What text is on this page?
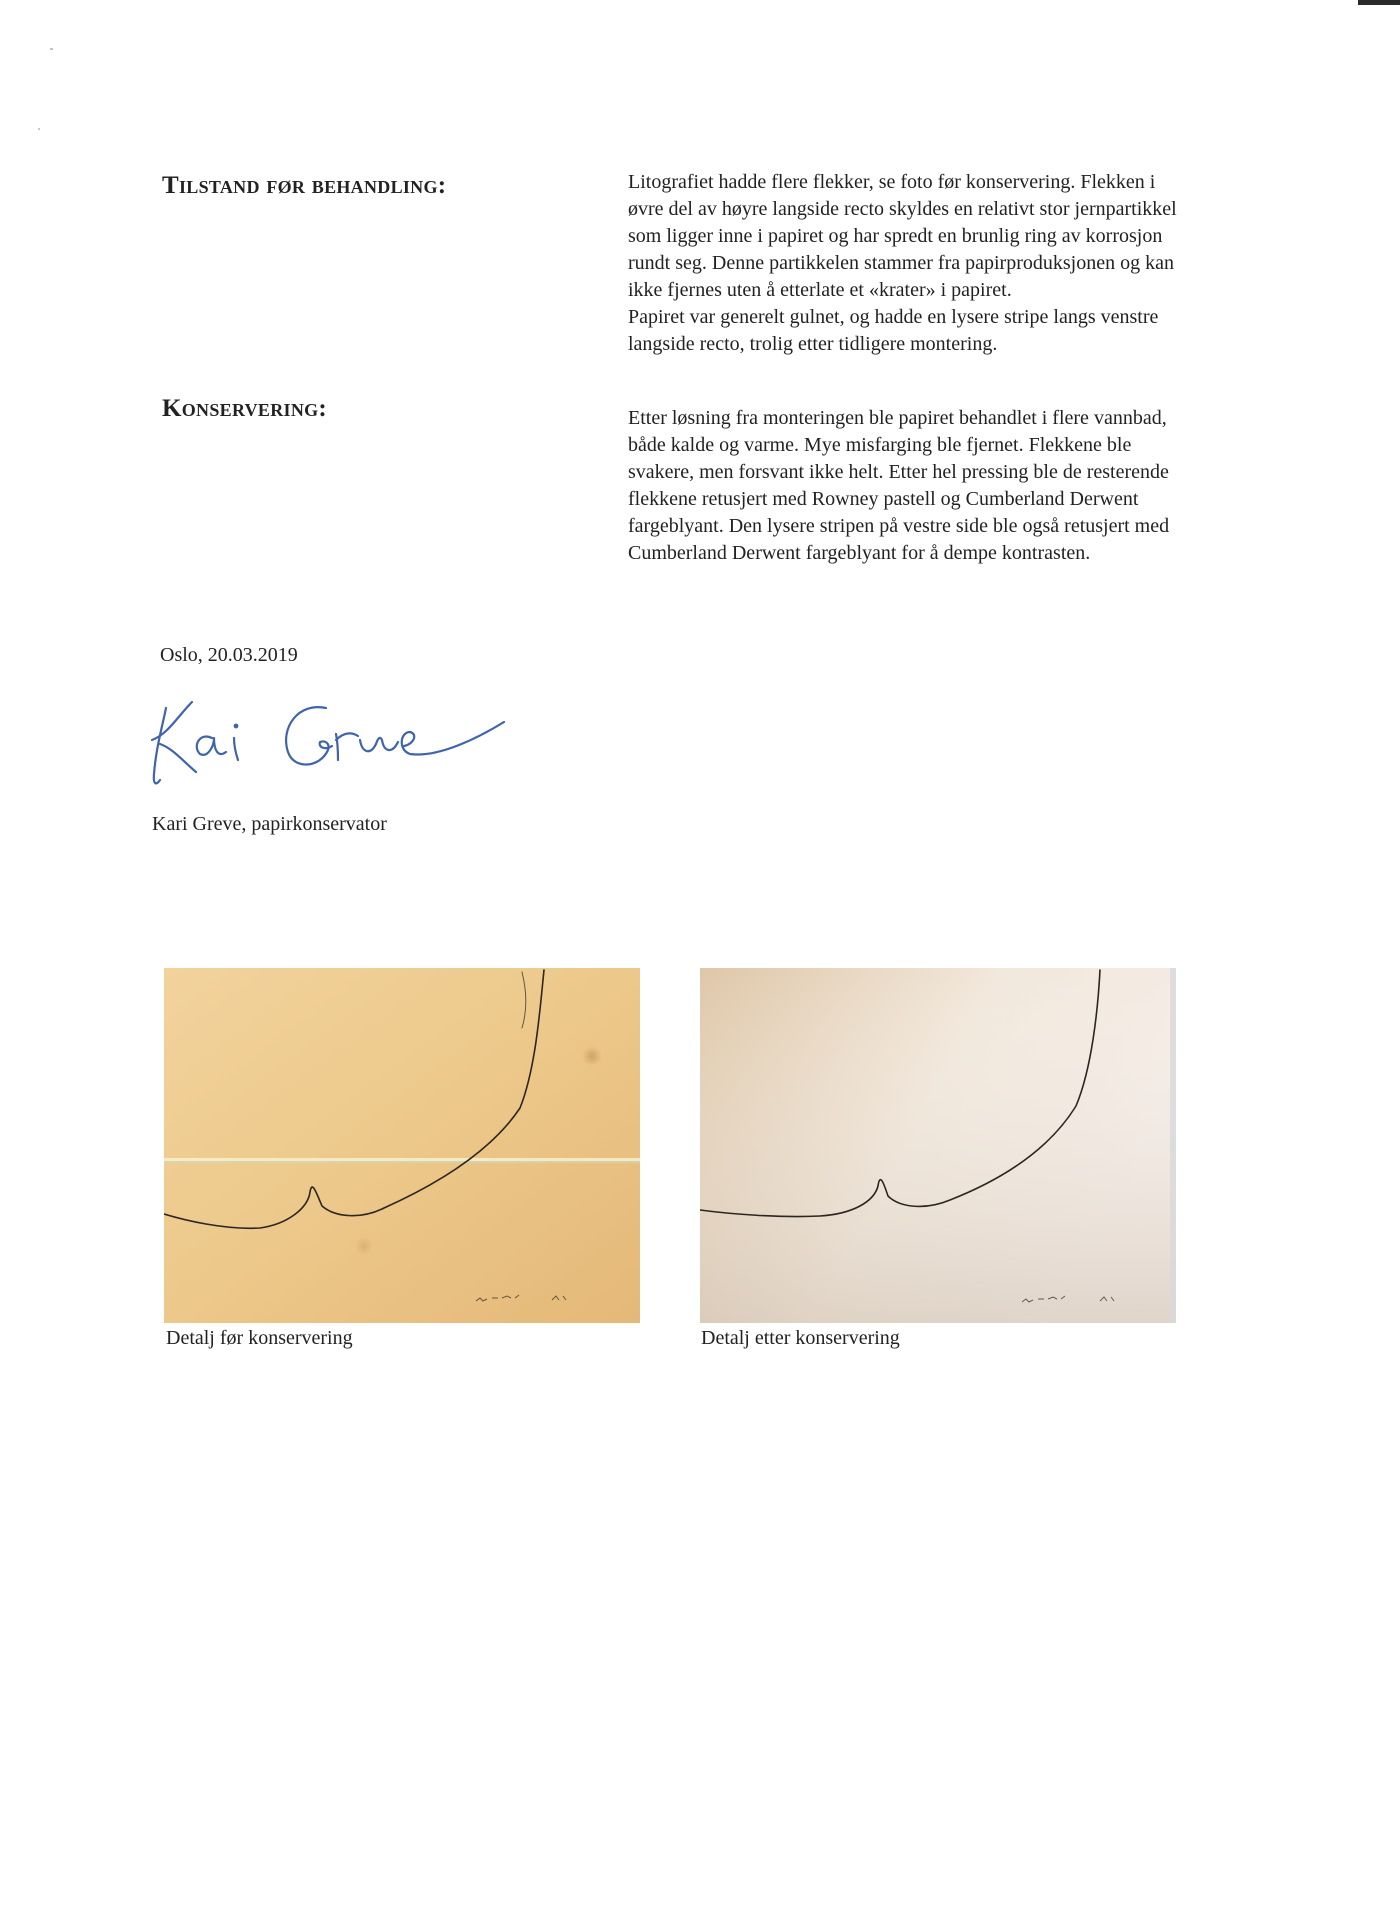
Tilstand før behandling:	Litografiet hadde flere flekker, se foto før konservering. Flekken i øvre del av høyre langside recto skyldes en relativt stor jernpartikkel som ligger inne i papiret og har spredt en brunlig ring av korrosjon rundt seg. Denne partikkelen stammer fra papirproduksjonen og kan ikke fjernes uten å etterlate et «krater» i papiret.

Papiret var generelt gulnet, og hadde en lysere stripe langs venstre langside recto, trolig etter tidligere montering.

Konservering:	Etter løsning fra monteringen ble papiret behandlet i flere vannbad, både kalde og varme. Mye misfarging ble fjernet. Flekkene ble svakere, men forsvant ikke helt. Etter hel pressing ble de resterende flekkene retusjert med Rowney pastell og Cumberland Derwent fargeblyant. Den lysere stripen på vestre side ble også retusjert med Cumberland Derwent fargeblyant for å dempe kontrasten.

Oslo, 20.03.2019

Kari Greve, papirkonservator

Detalj før konservering	Detalj etter konservering
